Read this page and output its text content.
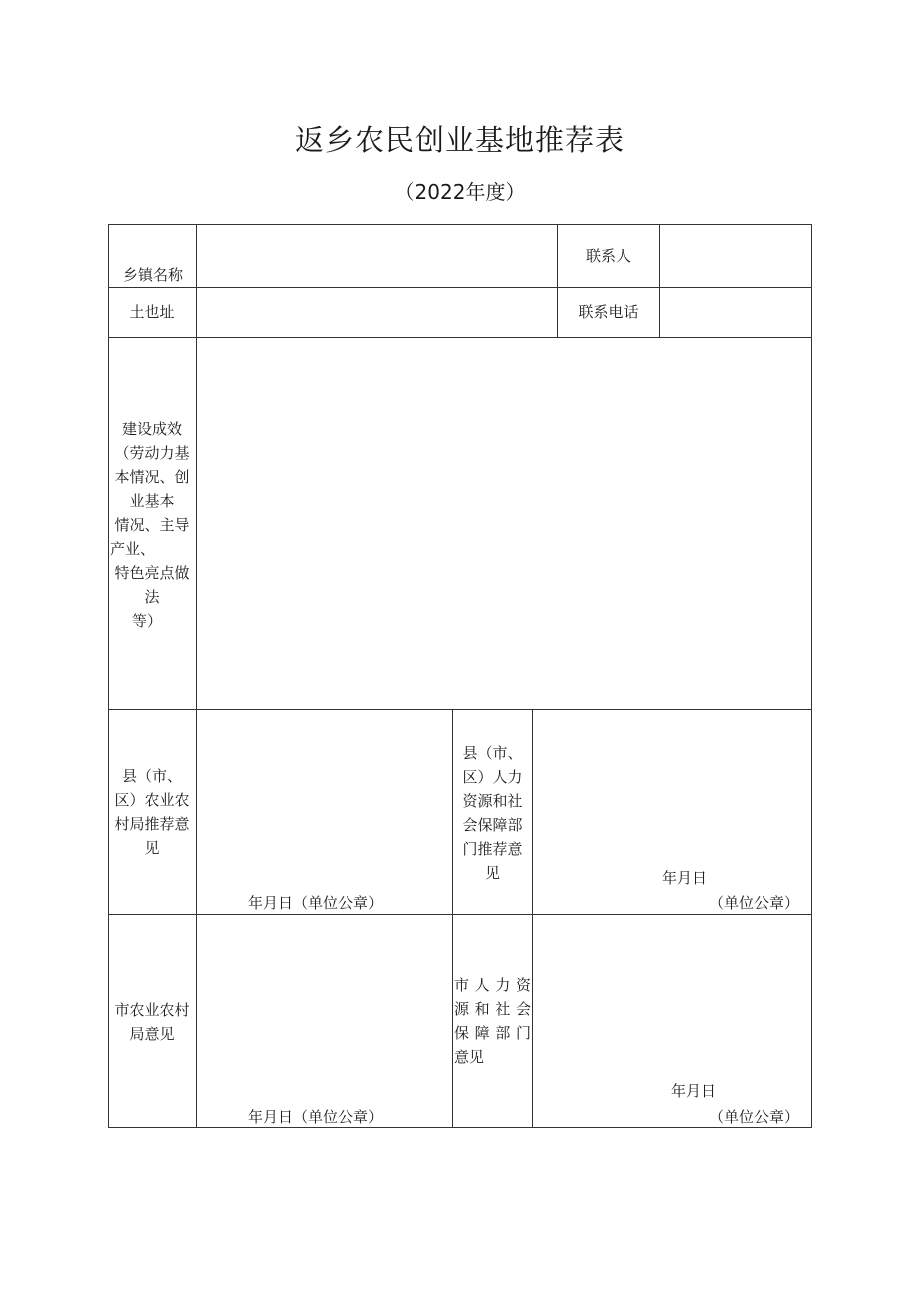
返乡农民创业基地推荐表
（2022年度）
乡镇名称
联系人
土也址	联系电话
建设成效
（劳动力基
本情况、创
业基本
情况、主导
产业、
特色亮点做
法
等）
县（市、
区）农业农
村局推荐意
见
年月日（单位公章）
县（市、
区）人力
资源和社
会保障部
门推荐意
见	年月日
（单位公章）
市农业农村
局意见
年月日（单位公章）
市人力资
源和社会
保障部门
意见
年月日
（单位公章）
